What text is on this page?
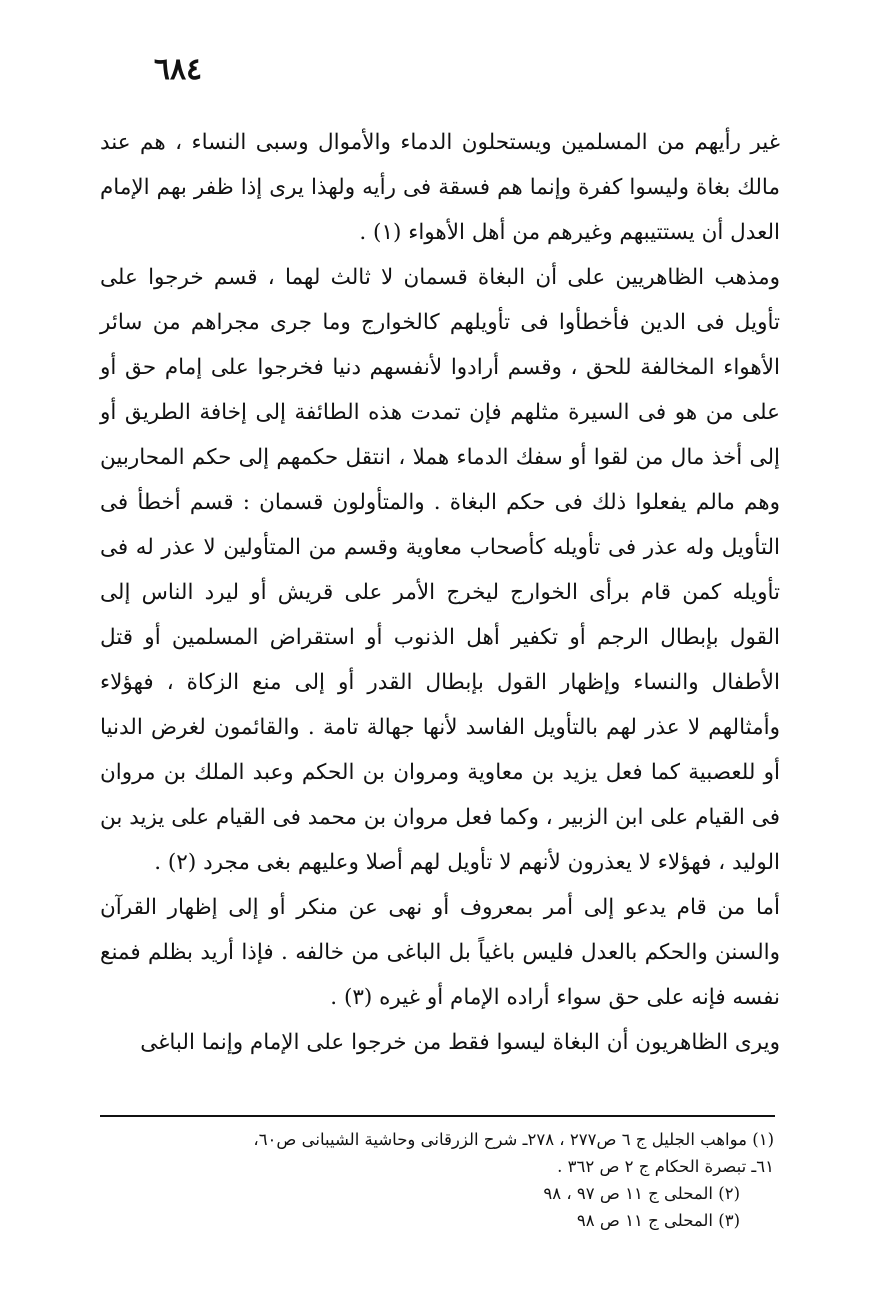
٦٨٤

غير رأيهم من المسلمين ويستحلون الدماء والأموال وسبى النساء ، هم عند مالك بغاة وليسوا كفرة وإنما هم فسقة فى رأيه ولهذا يرى إذا ظفر بهم الإمام العدل أن يستتيبهم وغيرهم من أهل الأهواء (١) .

ومذهب الظاهريين على أن البغاة قسمان لا ثالث لهما ، قسم خرجوا على تأويل فى الدين فأخطأوا فى تأويلهم كالخوارج وما جرى مجراهم من سائر الأهواء المخالفة للحق ، وقسم أرادوا لأنفسهم دنيا فخرجوا على إمام حق أو على من هو فى السيرة مثلهم فإن تمدت هذه الطائفة إلى إخافة الطريق أو إلى أخذ مال من لقوا أو سفك الدماء هملا ، انتقل حكمهم إلى حكم المحاربين وهم مالم يفعلوا ذلك فى حكم البغاة . والمتأولون قسمان : قسم أخطأ فى التأويل وله عذر فى تأويله كأصحاب معاوية وقسم من المتأولين لا عذر له فى تأويله كمن قام برأى الخوارج ليخرج الأمر على قريش أو ليرد الناس إلى القول بإبطال الرجم أو تكفير أهل الذنوب أو استقراض المسلمين أو قتل الأطفال والنساء وإظهار القول بإبطال القدر أو إلى منع الزكاة ، فهؤلاء وأمثالهم لا عذر لهم بالتأويل الفاسد لأنها جهالة تامة . والقائمون لغرض الدنيا أو للعصبية كما فعل يزيد بن معاوية ومروان بن الحكم وعبد الملك بن مروان فى القيام على ابن الزبير ، وكما فعل مروان بن محمد فى القيام على يزيد بن الوليد ، فهؤلاء لا يعذرون لأنهم لا تأويل لهم أصلا وعليهم بغى مجرد (٢) .

أما من قام يدعو إلى أمر بمعروف أو نهى عن منكر أو إلى إظهار القرآن والسنن والحكم بالعدل فليس باغياً بل الباغى من خالفه . فإذا أريد بظلم فمنع نفسه فإنه على حق سواء أراده الإمام أو غيره (٣) .

ويرى الظاهريون أن البغاة ليسوا فقط من خرجوا على الإمام وإنما الباغى

(١) مواهب الجليل ج ٦ ص٢٧٧ ، ٢٧٨ـ شرح الزرقانى وحاشية الشيبانى ص٦٠،

٦١ـ تبصرة الحكام ج ٢ ص ٣٦٢ .

(٢) المحلى ج ١١ ص ٩٧ ، ٩٨

(٣) المحلى ج ١١ ص ٩٨
